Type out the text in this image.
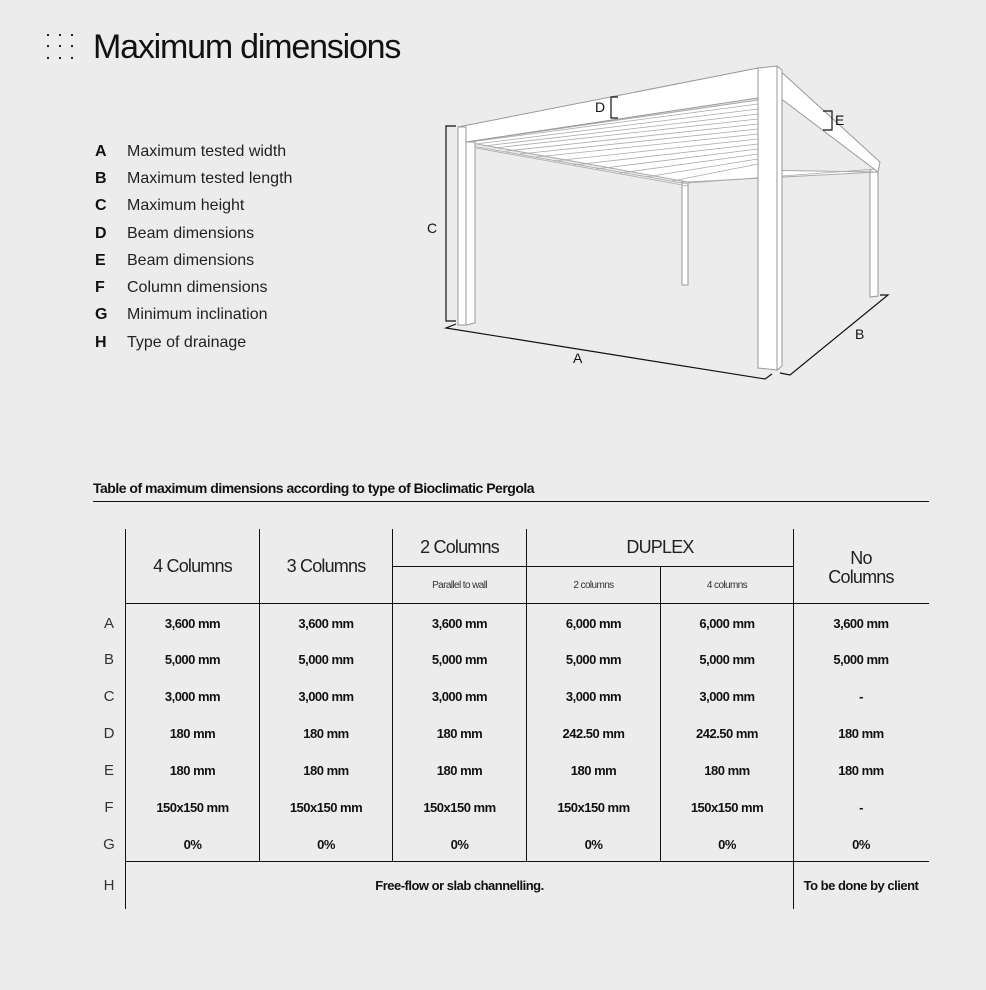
Maximum dimensions
A	Maximum tested width
B	Maximum tested length
C	Maximum height
D	Beam dimensions
E	Beam dimensions
F	Column dimensions
G	Minimum inclination
H	Type of drainage
A
B
C
D
E
Table of maximum dimensions according to type of Bioclimatic Pergola
4 Columns	3 Columns
2 Columns
Parallel to wall
DUPLEX
2 columns	4 columns
No
Columns
A	3,600 mm	3,600 mm	3,600 mm	6,000 mm	6,000 mm	3,600 mm
B	5,000 mm	5,000 mm	5,000 mm	5,000 mm	5,000 mm	5,000 mm
C	3,000 mm	3,000 mm	3,000 mm	3,000 mm	3,000 mm	-
D	180 mm	180 mm	180 mm	242.50 mm	242.50 mm	180 mm
E	180 mm	180 mm	180 mm	180 mm	180 mm	180 mm
F	150x150 mm	150x150 mm	150x150 mm	150x150 mm	150x150 mm	-
G	0%	0%	0%	0%	0%	0%
H	Free-flow or slab channelling.	To be done by client
